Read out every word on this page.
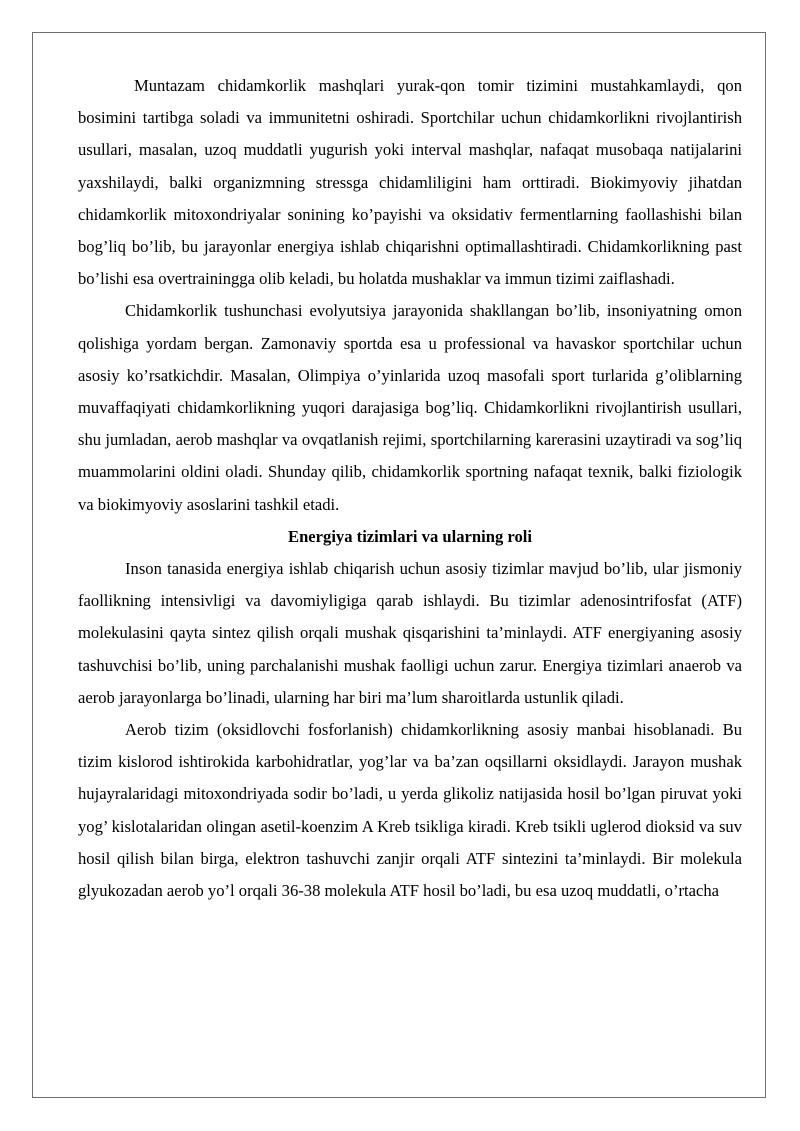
Muntazam chidamkorlik mashqlari yurak-qon tomir tizimini mustahkamlaydi, qon bosimini tartibga soladi va immunitetni oshiradi. Sportchilar uchun chidamkorlikni rivojlantirish usullari, masalan, uzoq muddatli yugurish yoki interval mashqlar, nafaqat musobaqa natijalarini yaxshilaydi, balki organizmning stressga chidamliligini ham orttiradi. Biokimyoviy jihatdan chidamkorlik mitoxondriyalar sonining ko’payishi va oksidativ fermentlarning faollashishi bilan bog’liq bo’lib, bu jarayonlar energiya ishlab chiqarishni optimallashtiradi. Chidamkorlikning past bo’lishi esa overtrainingga olib keladi, bu holatda mushaklar va immun tizimi zaiflashadi.

Chidamkorlik tushunchasi evolyutsiya jarayonida shakllangan bo’lib, insoniyatning omon qolishiga yordam bergan. Zamonaviy sportda esa u professional va havaskor sportchilar uchun asosiy ko’rsatkichdir. Masalan, Olimpiya o’yinlarida uzoq masofali sport turlarida g’oliblarning muvaffaqiyati chidamkorlikning yuqori darajasiga bog’liq. Chidamkorlikni rivojlantirish usullari, shu jumladan, aerob mashqlar va ovqatlanish rejimi, sportchilarning karerasini uzaytiradi va sog’liq muammolarini oldini oladi. Shunday qilib, chidamkorlik sportning nafaqat texnik, balki fiziologik va biokimyoviy asoslarini tashkil etadi.

Energiya tizimlari va ularning roli

Inson tanasida energiya ishlab chiqarish uchun asosiy tizimlar mavjud bo’lib, ular jismoniy faollikning intensivligi va davomiyligiga qarab ishlaydi. Bu tizimlar adenosintrifosfat (ATF) molekulasini qayta sintez qilish orqali mushak qisqarishini ta’minlaydi. ATF energiyaning asosiy tashuvchisi bo’lib, uning parchalanishi mushak faolligi uchun zarur. Energiya tizimlari anaerob va aerob jarayonlarga bo’linadi, ularning har biri ma’lum sharoitlarda ustunlik qiladi.

Aerob tizim (oksidlovchi fosforlanish) chidamkorlikning asosiy manbai hisoblanadi. Bu tizim kislorod ishtirokida karbohidratlar, yog’lar va ba’zan oqsillarni oksidlaydi. Jarayon mushak hujayralaridagi mitoxondriyada sodir bo’ladi, u yerda glikoliz natijasida hosil bo’lgan piruvat yoki yog’ kislotalaridan olingan asetil-koenzim A Kreb tsikliga kiradi. Kreb tsikli uglerod dioksid va suv hosil qilish bilan birga, elektron tashuvchi zanjir orqali ATF sintezini ta’minlaydi. Bir molekula glyukozadan aerob yo’l orqali 36-38 molekula ATF hosil bo’ladi, bu esa uzoq muddatli, o’rtacha
